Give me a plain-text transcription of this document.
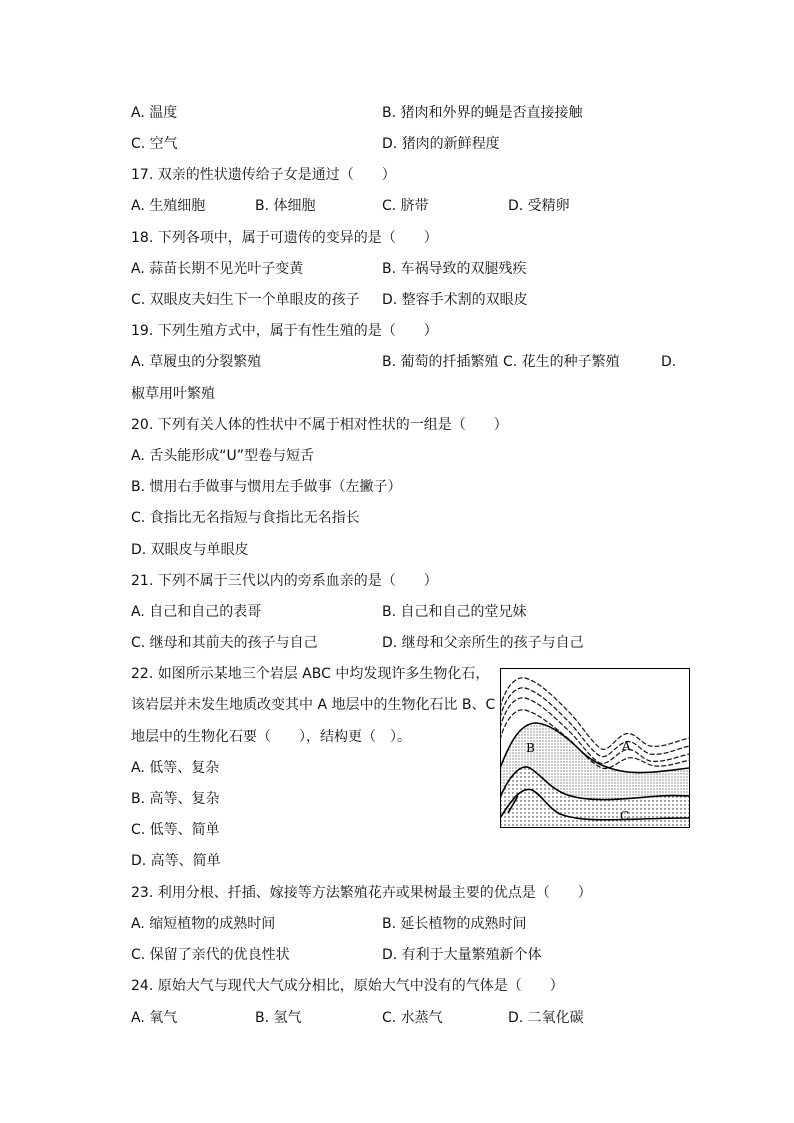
A. 温度	B. 猪肉和外界的蝇是否直接接触
C. 空气	D. 猪肉的新鲜程度
17. 双亲的性状遗传给子女是通过（　　）
A. 生殖细胞	B. 体细胞	C. 脐带	D. 受精卵
18. 下列各项中，属于可遗传的变异的是（　　）
A. 蒜苗长期不见光叶子变黄	B. 车祸导致的双腿残疾
C. 双眼皮夫妇生下一个单眼皮的孩子 D. 整容手术割的双眼皮
19. 下列生殖方式中，属于有性生殖的是（　　）
A. 草履虫的分裂繁殖	B. 葡萄的扦插繁殖 C. 花生的种子繁殖	D.
椒草用叶繁殖
20. 下列有关人体的性状中不属于相对性状的一组是（　　）
A. 舌头能形成“U”型卷与短舌
B. 惯用右手做事与惯用左手做事（左撇子）
C. 食指比无名指短与食指比无名指长
D. 双眼皮与单眼皮
21. 下列不属于三代以内的旁系血亲的是（　　）
A. 自己和自己的表哥	B. 自己和自己的堂兄妹
C. 继母和其前夫的孩子与自己	D. 继母和父亲所生的孩子与自己
22. 如图所示某地三个岩层 ABC 中均发现许多生物化石，
该岩层并未发生地质改变其中 A 地层中的生物化石比 B、C
地层中的生物化石要（　　），结构更（　）。
A. 低等、复杂
B. 高等、复杂
C. 低等、简单
D. 高等、简单
A
B
C
23. 利用分根、扦插、嫁接等方法繁殖花卉或果树最主要的优点是（　　）
A. 缩短植物的成熟时间	B. 延长植物的成熟时间
C. 保留了亲代的优良性状	D. 有利于大量繁殖新个体
24. 原始大气与现代大气成分相比，原始大气中没有的气体是（　　）
A. 氧气	B. 氢气	C. 水蒸气	D. 二氧化碳
